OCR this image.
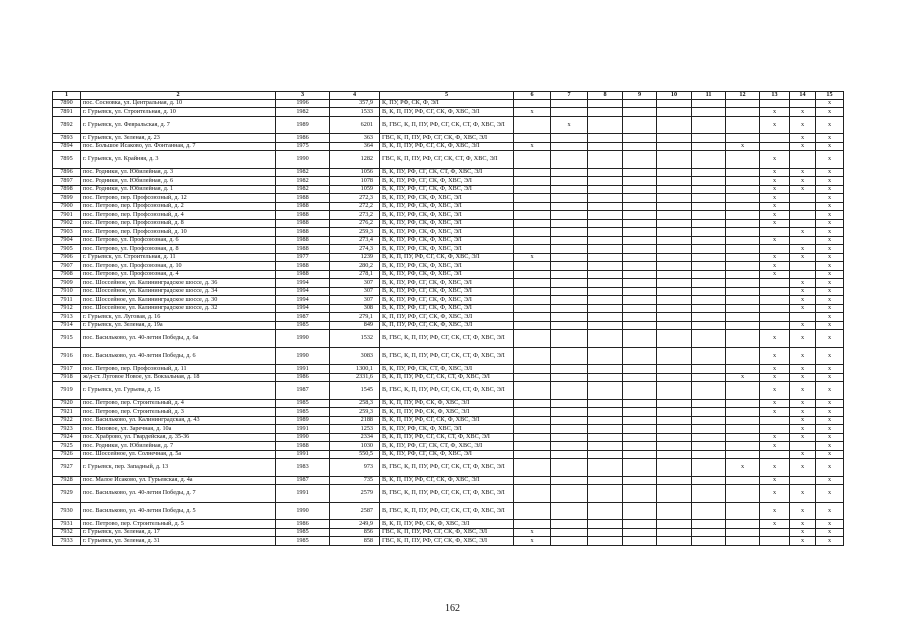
1	2	3	4	5	6	7	8	9	10	11	12	13	14	15
7890	пос. Сосновка, ул. Центральная, д. 10	1996	357,9	К, ПУ, РФ, СК, Ф, ЭЛ										x
7891	г. Гурьевск, ул. Строительная, д. 10	1982	1533	В, К, П, ПУ, РФ, СГ, СК, Ф, ХВС, ЭЛ	x							x	x	x
7892	г. Гурьевск, ул. Февральская, д. 7	1989	6201	В, ГВС, К, П, ПУ, РФ, СГ, СК, СТ, Ф, ХВС, ЭЛ		x						x	x	x
7893	г. Гурьевск, ул. Зеленая, д. 23	1986	363	ГВС, К, П, ПУ, РФ, СГ, СК, Ф, ХВС, ЭЛ									x	x
7894	пос. Большое Исаково, ул. Фонтанная, д. 7	1975	364	В, К, П, ПУ, РФ, СГ, СК, Ф, ХВС, ЭЛ	x						x		x	x
7895	г. Гурьевск, ул. Крайняя, д. 3	1990	1282	ГВС, К, П, ПУ, РФ, СГ, СК, СТ, Ф, ХВС, ЭЛ								x		x
7896	пос. Родники, ул. Юбилейная, д. 3	1982	1056	В, К, ПУ, РФ, СГ, СК, СТ, Ф, ХВС, ЭЛ								x	x	x
7897	пос. Родники, ул. Юбилейная, д. 6	1982	1078	В, К, ПУ, РФ, СГ, СК, Ф, ХВС, ЭЛ								x	x	x
7898	пос. Родники, ул. Юбилейная, д. 1	1982	1059	В, К, ПУ, РФ, СГ, СК, Ф, ХВС, ЭЛ								x	x	x
7899	пос. Петрово, пер. Профсоюзный, д. 12	1988	272,3	В, К, ПУ, РФ, СК, Ф, ХВС, ЭЛ								x		x
7900	пос. Петрово, пер. Профсоюзный, д. 2	1988	272,2	В, К, ПУ, РФ, СК, Ф, ХВС, ЭЛ								x		x
7901	пос. Петрово, пер. Профсоюзный, д. 4	1988	273,2	В, К, ПУ, РФ, СК, Ф, ХВС, ЭЛ								x		x
7902	пос. Петрово, пер. Профсоюзный, д. 8	1988	276,2	В, К, ПУ, РФ, СК, Ф, ХВС, ЭЛ								x		x
7903	пос. Петрово, пер. Профсоюзный, д. 10	1988	259,3	В, К, ПУ, РФ, СК, Ф, ХВС, ЭЛ									x	x
7904	пос. Петрово, ул. Профсоюзная, д. 6	1988	273,4	В, К, ПУ, РФ, СК, Ф, ХВС, ЭЛ								x		x
7905	пос. Петрово, ул. Профсоюзная, д. 8	1988	274,3	В, К, ПУ, РФ, СК, Ф, ХВС, ЭЛ									x	x
7906	г. Гурьевск, ул. Строительная, д. 11	1977	1239	В, К, П, ПУ, РФ, СГ, СК, Ф, ХВС, ЭЛ	x							x	x	x
7907	пос. Петрово, ул. Профсоюзная, д. 10	1988	280,2	В, К, ПУ, РФ, СК, Ф, ХВС, ЭЛ								x		x
7908	пос. Петрово, ул. Профсоюзная, д. 4	1988	278,1	В, К, ПУ, РФ, СК, Ф, ХВС, ЭЛ								x		x
7909	пос. Шоссейное, ул. Калининградское шоссе, д. 36	1994	307	В, К, ПУ, РФ, СГ, СК, Ф, ХВС, ЭЛ									x	x
7910	пос. Шоссейное, ул. Калининградское шоссе, д. 34	1994	307	В, К, ПУ, РФ, СГ, СК, Ф, ХВС, ЭЛ									x	x
7911	пос. Шоссейное, ул. Калининградское шоссе, д. 30	1994	307	В, К, ПУ, РФ, СГ, СК, Ф, ХВС, ЭЛ									x	x
7912	пос. Шоссейное, ул. Калининградское шоссе, д. 32	1994	308	В, К, ПУ, РФ, СГ, СК, Ф, ХВС, ЭЛ									x	x
7913	г. Гурьевск, ул. Луговая, д. 16	1987	279,1	К, П, ПУ, РФ, СГ, СК, Ф, ХВС, ЭЛ										x
7914	г. Гурьевск, ул. Зеленая, д. 19а	1985	849	К, П, ПУ, РФ, СГ, СК, Ф, ХВС, ЭЛ									x	x
7915	пос. Васильково, ул. 40-летия Победы, д. 6а	1990	1532	В, ГВС, К, П, ПУ, РФ, СГ, СК, СТ, Ф, ХВС, ЭЛ								x	x	x
7916	пос. Васильково, ул. 40-летия Победы, д. 6	1990	3083	В, ГВС, К, П, ПУ, РФ, СГ, СК, СТ, Ф, ХВС, ЭЛ								x	x	x
7917	пос. Петрово, пер. Профсоюзный, д. 11	1991	1300,1	В, К, ПУ, РФ, СК, СТ, Ф, ХВС, ЭЛ								x	x	x
7918	ж/д-ст. Луговое Новое, ул. Вокзальная, д. 18	1986	2331,6	В, К, П, ПУ, РФ, СГ, СК, СТ, Ф, ХВС, ЭЛ							x	x	x	x
7919	г. Гурьевск, ул. Гурьева, д. 15	1987	1545	В, ГВС, К, П, ПУ, РФ, СГ, СК, СТ, Ф, ХВС, ЭЛ								x	x	x
7920	пос. Петрово, пер. Строительный, д. 4	1985	258,3	В, К, П, ПУ, РФ, СК, Ф, ХВС, ЭЛ								x	x	x
7921	пос. Петрово, пер. Строительный, д. 3	1985	259,3	В, К, П, ПУ, РФ, СК, Ф, ХВС, ЭЛ								x	x	x
7922	пос. Васильково, ул. Калининградская, д. 43	1989	2188	В, К, П, ПУ, РФ, СГ, СК, Ф, ХВС, ЭЛ									x	x
7923	пос. Низовое, ул. Заречная, д. 10а	1991	1253	В, К, ПУ, РФ, СК, Ф, ХВС, ЭЛ									x	x
7924	пос. Храброво, ул. Гвардейская, д. 35-36	1990	2334	В, К, П, ПУ, РФ, СГ, СК, СТ, Ф, ХВС, ЭЛ								x	x	x
7925	пос. Родники, ул. Юбилейная, д. 7	1988	1030	В, К, ПУ, РФ, СГ, СК, СТ, Ф, ХВС, ЭЛ								x		x
7926	пос. Шоссейное, ул. Солнечная, д. 5а	1991	550,5	В, К, ПУ, РФ, СГ, СК, Ф, ХВС, ЭЛ									x	x
7927	г. Гурьевск, пер. Западный, д. 13	1983	973	В, ГВС, К, П, ПУ, РФ, СГ, СК, СТ, Ф, ХВС, ЭЛ							x	x	x	x
7928	пос. Малое Исаково, ул. Гурьевская, д. 4а	1987	735	В, К, П, ПУ, РФ, СГ, СК, Ф, ХВС, ЭЛ								x		x
7929	пос. Васильково, ул. 40-летия Победы, д. 7	1991	2579	В, ГВС, К, П, ПУ, РФ, СГ, СК, СТ, Ф, ХВС, ЭЛ								x	x	x
7930	пос. Васильково, ул. 40-летия Победы, д. 5	1990	2587	В, ГВС, К, П, ПУ, РФ, СГ, СК, СТ, Ф, ХВС, ЭЛ								x	x	x
7931	пос. Петрово, пер. Строительный, д. 5	1986	249,9	В, К, П, ПУ, РФ, СК, Ф, ХВС, ЭЛ								x	x	x
7932	г. Гурьевск, ул. Зеленая, д. 17	1985	856	ГВС, К, П, ПУ, РФ, СГ, СК, Ф, ХВС, ЭЛ	x								x	x
7933	г. Гурьевск, ул. Зеленая, д. 31	1985	858	ГВС, К, П, ПУ, РФ, СГ, СК, Ф, ХВС, ЭЛ	x								x	x
162
